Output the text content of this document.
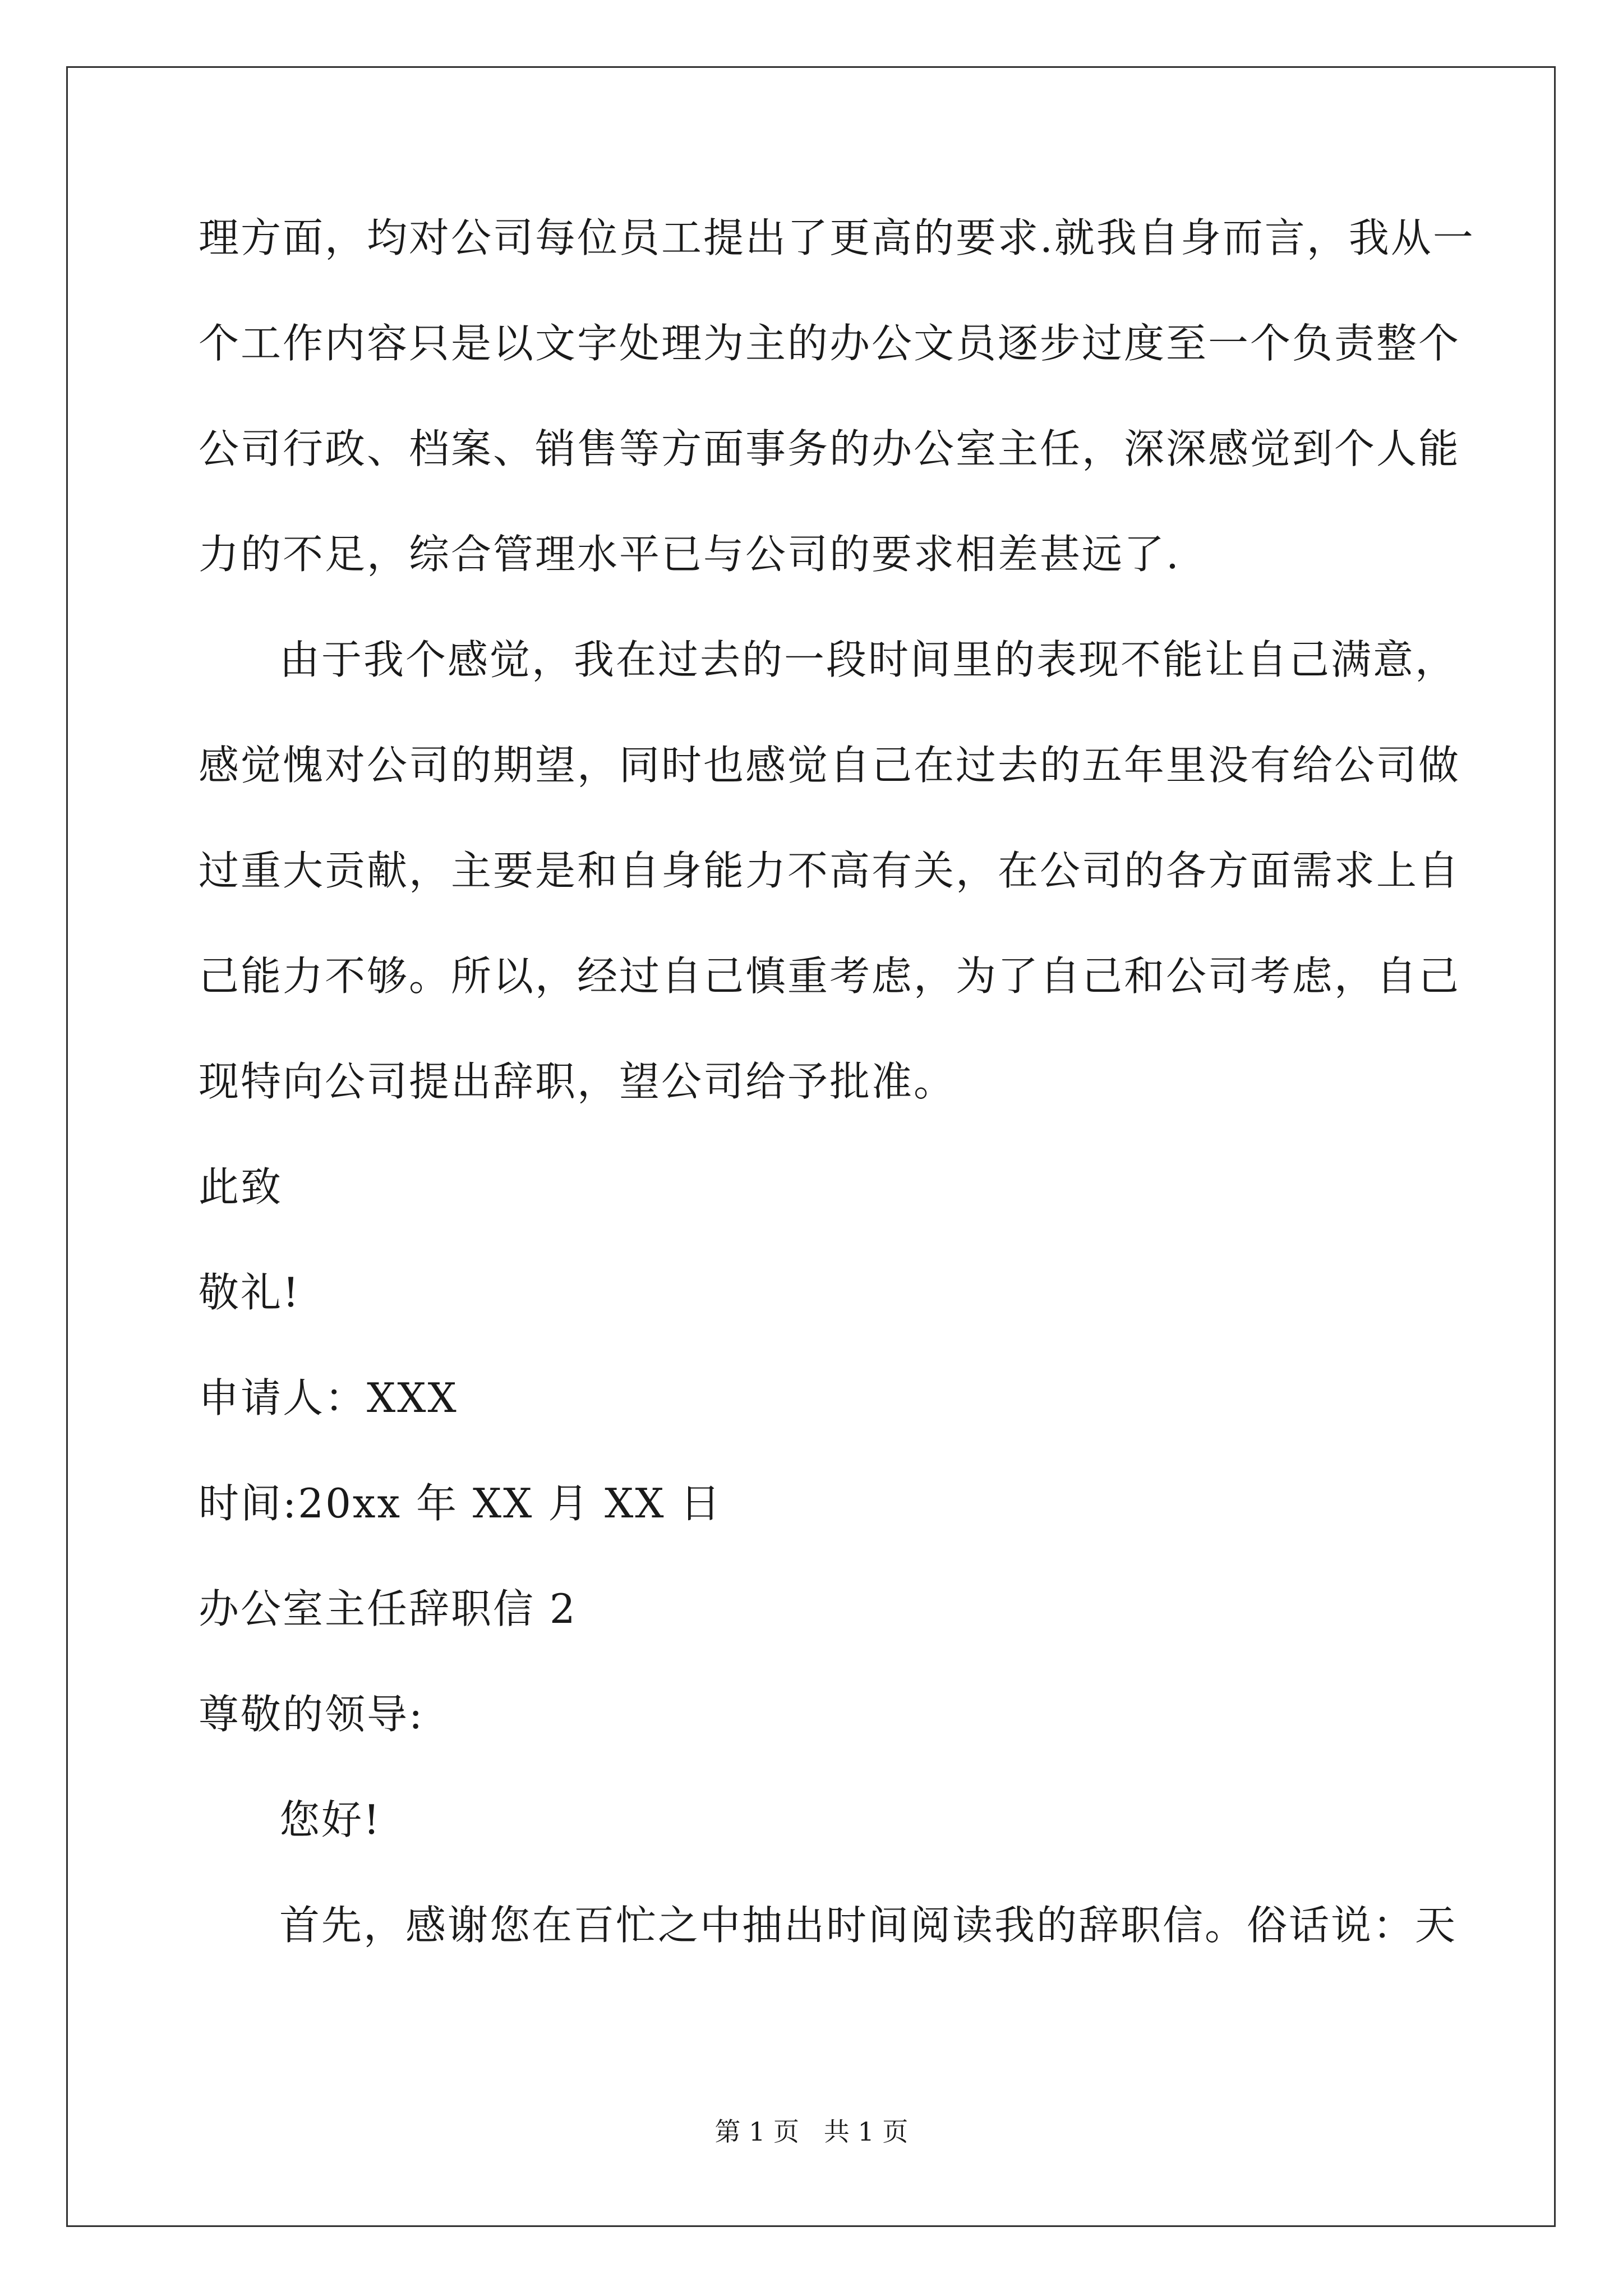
理方面，均对公司每位员工提出了更高的要求.就我自身而言，我从一
个工作内容只是以文字处理为主的办公文员逐步过度至一个负责整个
公司行政、档案、销售等方面事务的办公室主任，深深感觉到个人能
力的不足，综合管理水平已与公司的要求相差甚远了.
由于我个感觉，我在过去的一段时间里的表现不能让自己满意，
感觉愧对公司的期望，同时也感觉自己在过去的五年里没有给公司做
过重大贡献，主要是和自身能力不高有关，在公司的各方面需求上自
己能力不够。所以，经过自己慎重考虑，为了自己和公司考虑，自己
现特向公司提出辞职，望公司给予批准。
此致
敬礼!
申请人：XXX
时间:20xx 年 XX 月 XX 日
办公室主任辞职信 2
尊敬的领导:
您好!
首先，感谢您在百忙之中抽出时间阅读我的辞职信。俗话说：天
第 1 页   共 1 页
